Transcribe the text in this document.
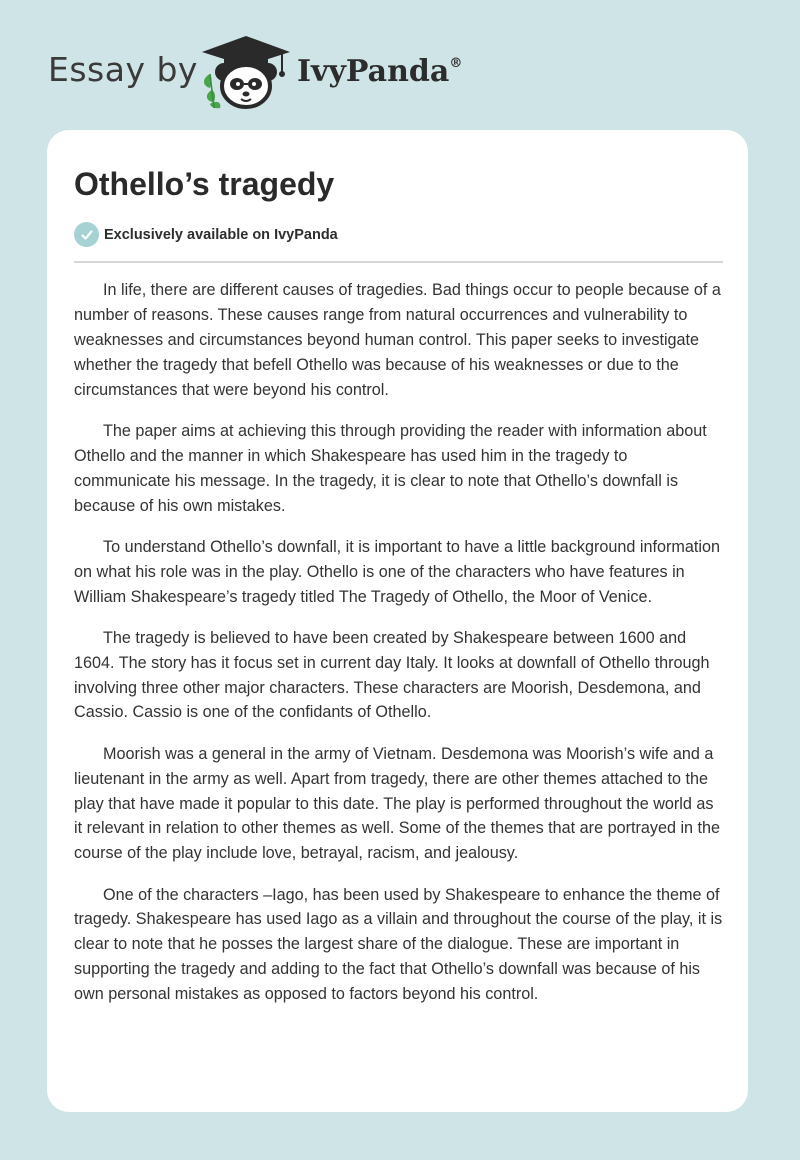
Essay by	IvyPanda®
Othello’s tragedy
Exclusively available on IvyPanda

In life, there are different causes of tragedies. Bad things occur to people because of a number of reasons. These causes range from natural occurrences and vulnerability to weaknesses and circumstances beyond human control. This paper seeks to investigate whether the tragedy that befell Othello was because of his weaknesses or due to the circumstances that were beyond his control.

The paper aims at achieving this through providing the reader with information about Othello and the manner in which Shakespeare has used him in the tragedy to communicate his message. In the tragedy, it is clear to note that Othello’s downfall is because of his own mistakes.

To understand Othello’s downfall, it is important to have a little background information on what his role was in the play. Othello is one of the characters who have features in William Shakespeare’s tragedy titled The Tragedy of Othello, the Moor of Venice.

The tragedy is believed to have been created by Shakespeare between 1600 and 1604. The story has it focus set in current day Italy. It looks at downfall of Othello through involving three other major characters. These characters are Moorish, Desdemona, and Cassio. Cassio is one of the confidants of Othello.

Moorish was a general in the army of Vietnam. Desdemona was Moorish’s wife and a lieutenant in the army as well. Apart from tragedy, there are other themes attached to the play that have made it popular to this date. The play is performed throughout the world as it relevant in relation to other themes as well. Some of the themes that are portrayed in the course of the play include love, betrayal, racism, and jealousy.

One of the characters –Iago, has been used by Shakespeare to enhance the theme of tragedy. Shakespeare has used Iago as a villain and throughout the course of the play, it is clear to note that he posses the largest share of the dialogue. These are important in supporting the tragedy and adding to the fact that Othello’s downfall was because of his own personal mistakes as opposed to factors beyond his control.
